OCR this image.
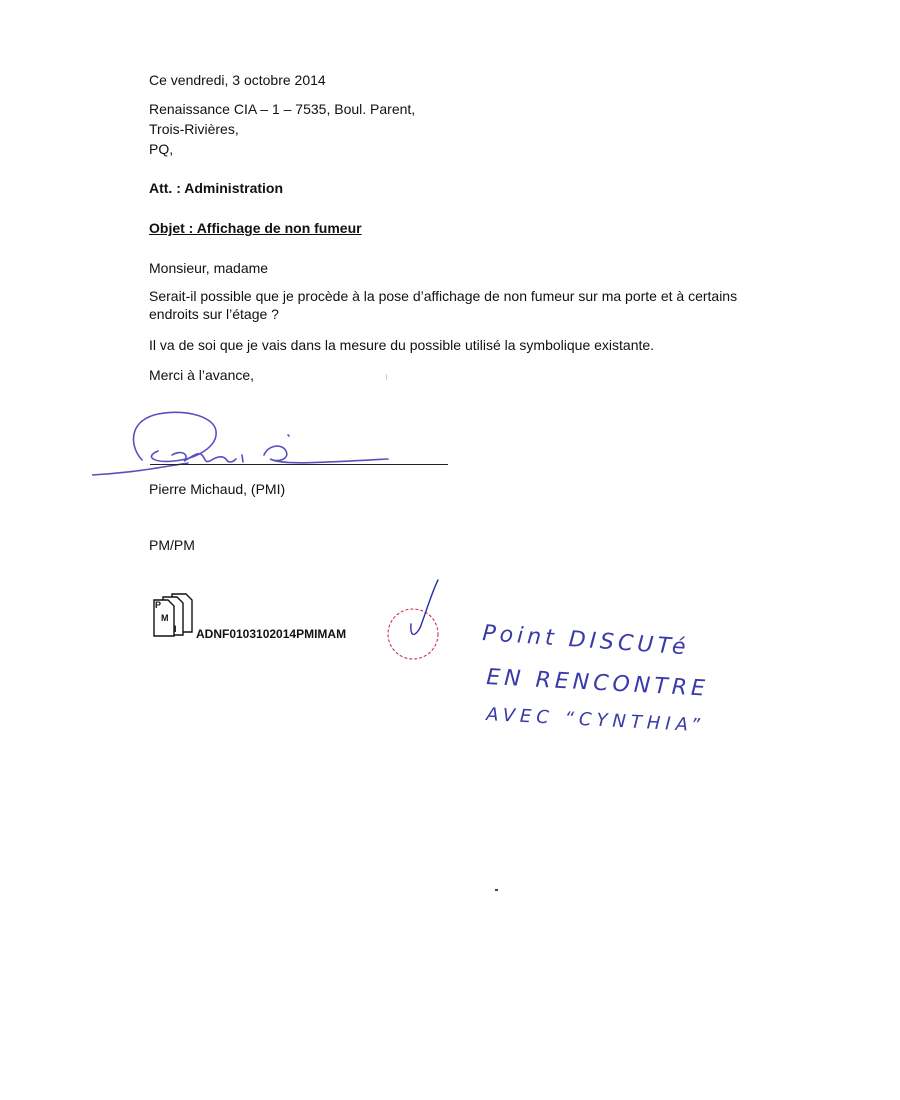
Ce vendredi, 3 octobre 2014
Renaissance CIA – 1 – 7535, Boul. Parent,
Trois-Rivières,
PQ,
Att. : Administration
Objet : Affichage de non fumeur
Monsieur, madame
Serait-il possible que je procède à la pose d’affichage de non fumeur sur ma porte et à certains endroits sur l’étage ?
Il va de soi que je vais dans la mesure du possible utilisé la symbolique existante.
Merci à l’avance,
Pierre Michaud, (PMI)
PM/PM
P
M
I ADNF0103102014PMIMAM	Point DISCUTé
EN RENCONTRE
AVEC “CYNTHIA”
